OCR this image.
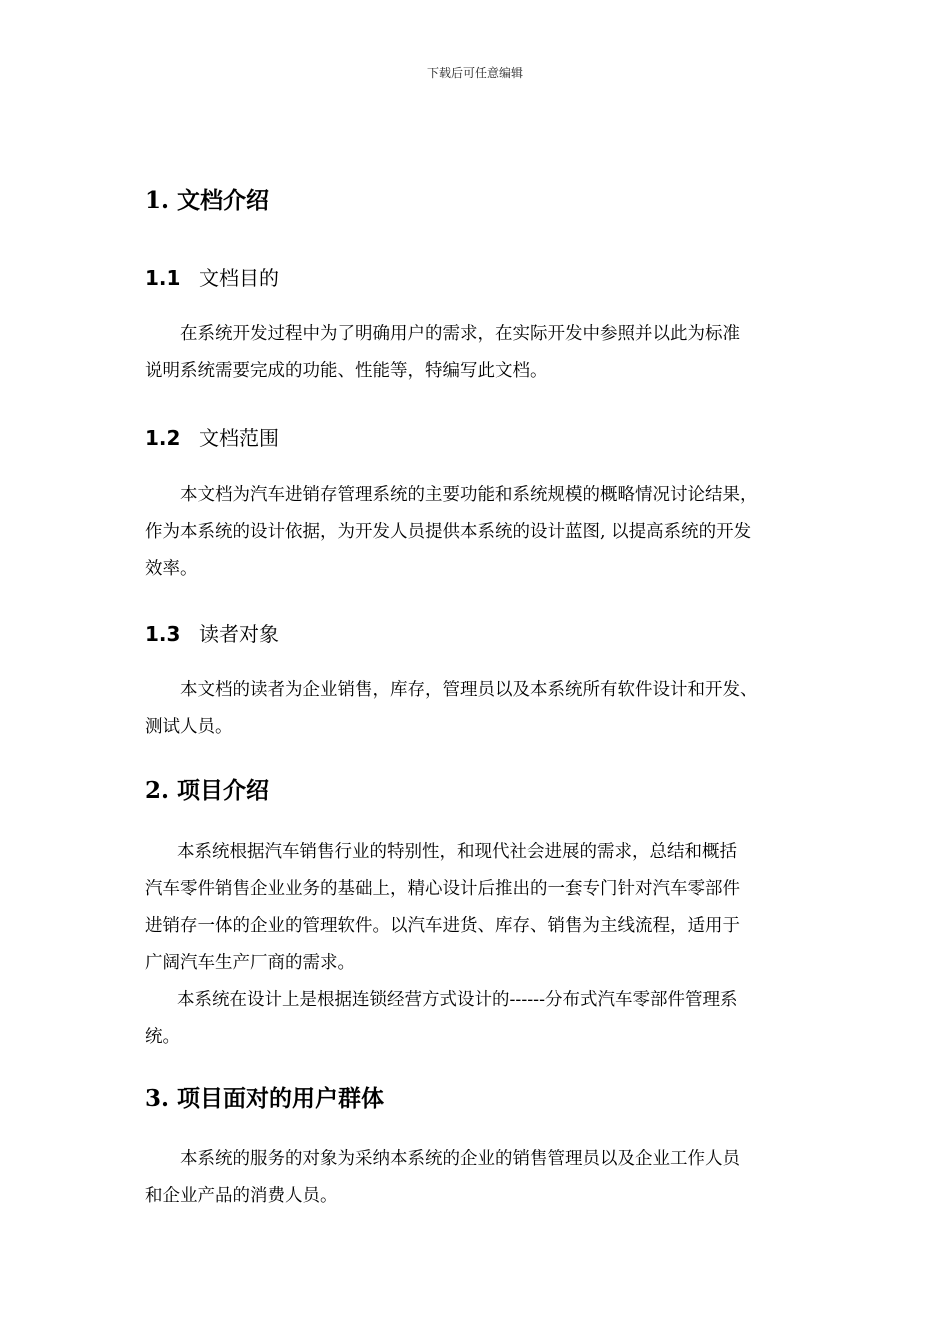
下载后可任意编辑
1. 文档介绍
1.1 文档目的
在系统开发过程中为了明确用户的需求，在实际开发中参照并以此为标准
说明系统需要完成的功能、性能等，特编写此文档。
1.2 文档范围
本文档为汽车进销存管理系统的主要功能和系统规模的概略情况讨论结果，
作为本系统的设计依据，为开发人员提供本系统的设计蓝图, 以提高系统的开发
效率。
1.3 读者对象
本文档的读者为企业销售，库存，管理员以及本系统所有软件设计和开发、
测试人员。
2. 项目介绍
本系统根据汽车销售行业的特别性，和现代社会进展的需求，总结和概括
汽车零件销售企业业务的基础上，精心设计后推出的一套专门针对汽车零部件
进销存一体的企业的管理软件。以汽车进货、库存、销售为主线流程，适用于
广阔汽车生产厂商的需求。
本系统在设计上是根据连锁经营方式设计的------分布式汽车零部件管理系
统。
3. 项目面对的用户群体
本系统的服务的对象为采纳本系统的企业的销售管理员以及企业工作人员
和企业产品的消费人员。
